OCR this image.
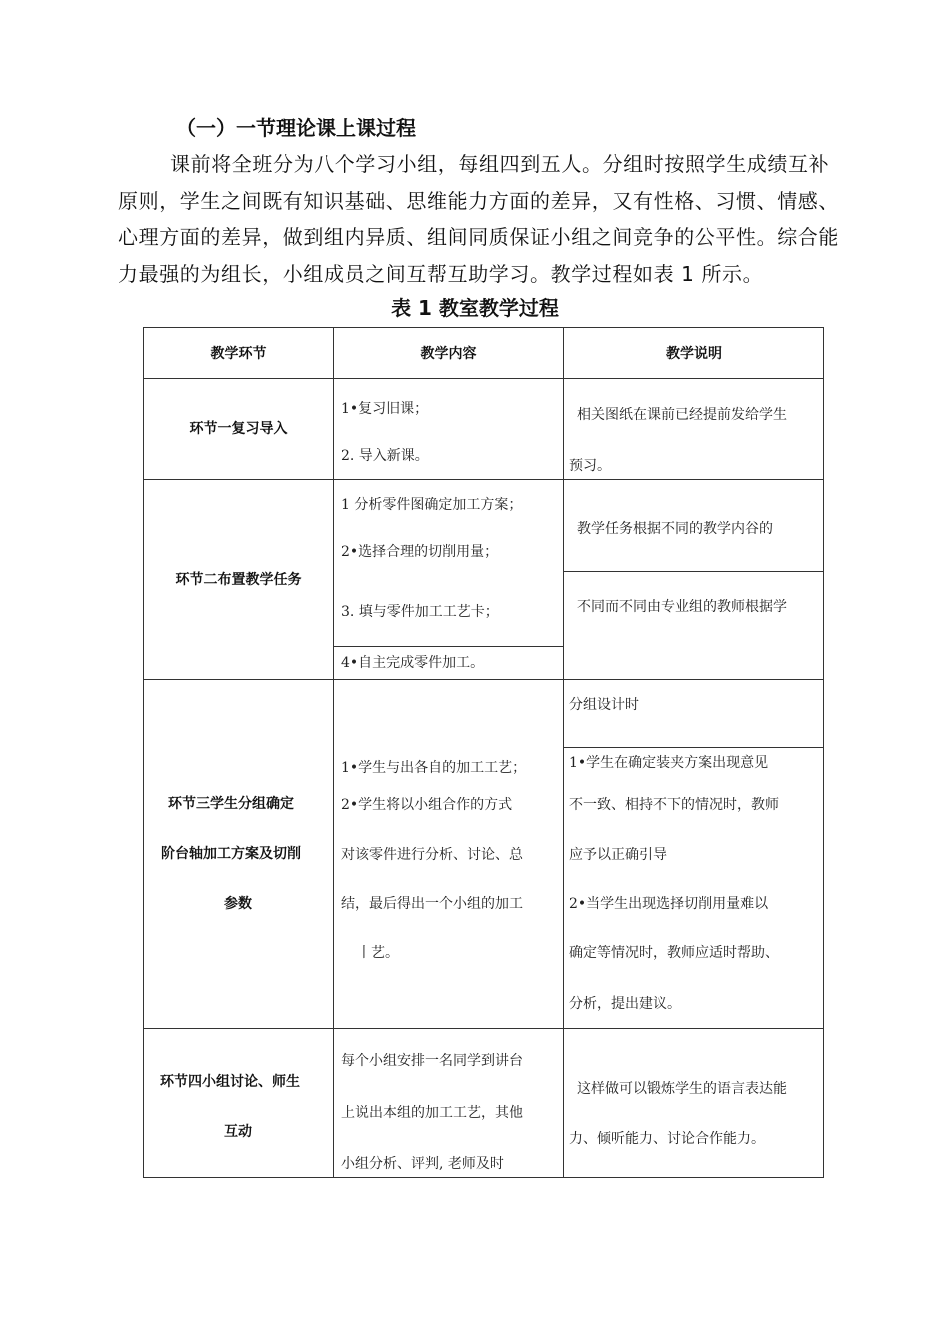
（一）一节理论课上课过程

课前将全班分为八个学习小组，每组四到五人。分组时按照学生成绩互补原则，学生之间既有知识基础、思维能力方面的差异，又有性格、习惯、情感、心理方面的差异，做到组内异质、组间同质保证小组之间竞争的公平性。综合能力最强的为组长，小组成员之间互帮互助学习。教学过程如表 1 所示。

表 1 教室教学过程

教学环节	教学内容	教学说明
环节一复习导入
1•复习旧课；
2. 导入新课。
相关图纸在课前已经提前发给学生
预习。
环节二布置教学任务
1 分析零件图确定加工方案；
2•选择合理的切削用量；
3. 填与零件加工工艺卡；
4•自主完成零件加工。
教学任务根据不同的教学内谷的
不同而不同由专业组的教师根据学
环节三学生分组确定
阶台轴加工方案及切削
参数
1•学生与出各自的加工工艺；
2•学生将以小组合作的方式
对该零件进行分析、讨论、总
结，最后得出一个小组的加工
丨艺。
分组设计时
1•学生在确定装夹方案出现意见
不一致、相持不下的情况时，教师
应予以正确引导
2•当学生出现选择切削用量难以
确定等情况时，教师应适时帮助、
分析，提出建议。
环节四小组讨论、师生
互动
每个小组安排一名同学到讲台
上说出本组的加工工艺，其他
小组分析、评判, 老师及时
这样做可以锻炼学生的语言表达能
力、倾听能力、讨论合作能力。
